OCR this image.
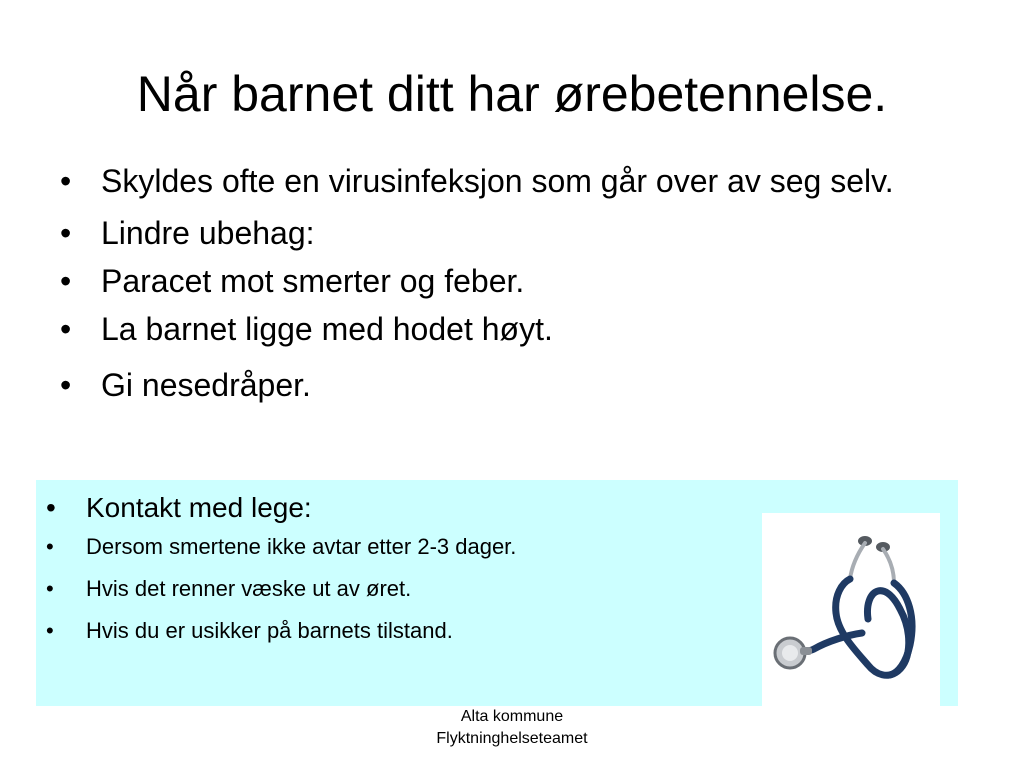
Når barnet ditt har ørebetennelse.
• Skyldes ofte en virusinfeksjon som går over av seg selv.
• Lindre ubehag:
• Paracet mot smerter og feber.
• La barnet ligge med hodet høyt.
• Gi nesedråper.
• Kontakt med lege:
• Dersom smertene ikke avtar etter 2-3 dager.
• Hvis det renner væske ut av øret.
• Hvis du er usikker på barnets tilstand.
Alta kommune
Flyktninghelseteamet
